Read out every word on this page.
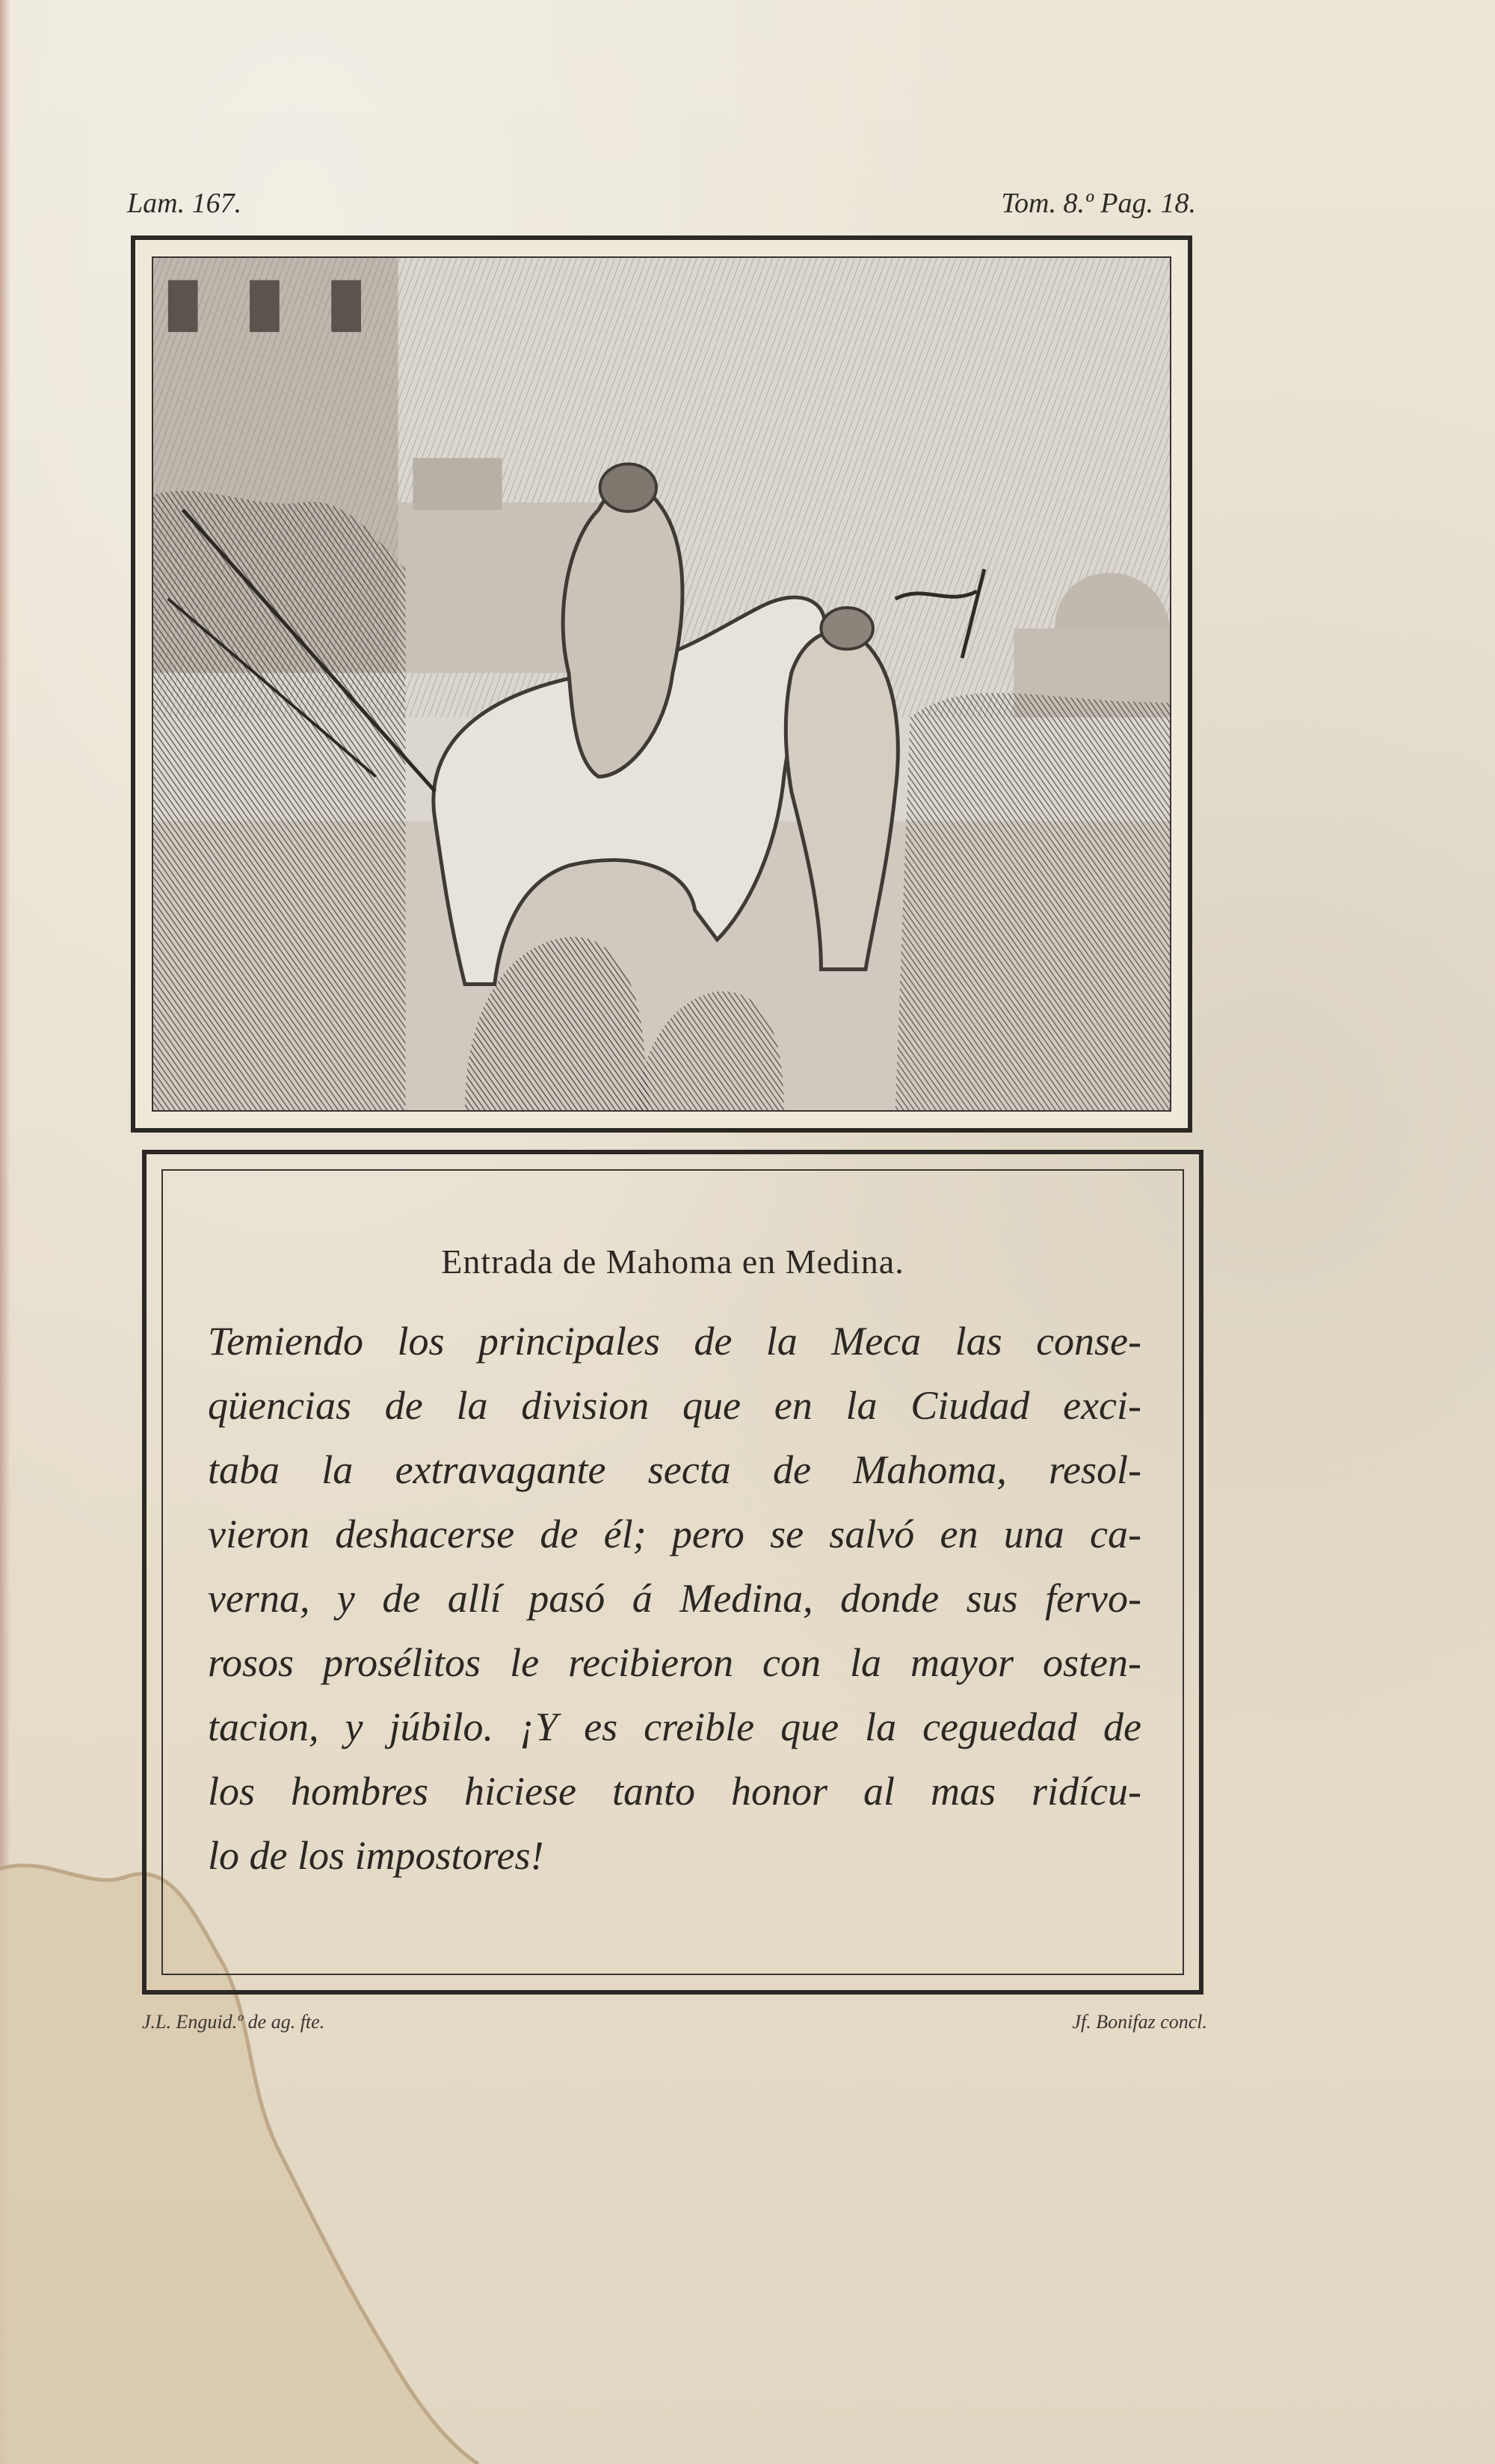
Lam. 167.	Tom. 8.º Pag. 18.
Entrada de Mahoma en Medina.
Temiendo los principales de la Meca las conse-
qüencias de la division que en la Ciudad exci-
taba la extravagante secta de Mahoma, resol-
vieron deshacerse de él; pero se salvó en una ca-
verna, y de allí pasó á Medina, donde sus fervo-
rosos prosélitos le recibieron con la mayor osten-
tacion, y júbilo. ¡Y es creible que la ceguedad de
los hombres hiciese tanto honor al mas ridícu-
lo de los impostores!
J.L. Enguid.º de ag. fte.	Jf. Bonifaz concl.
